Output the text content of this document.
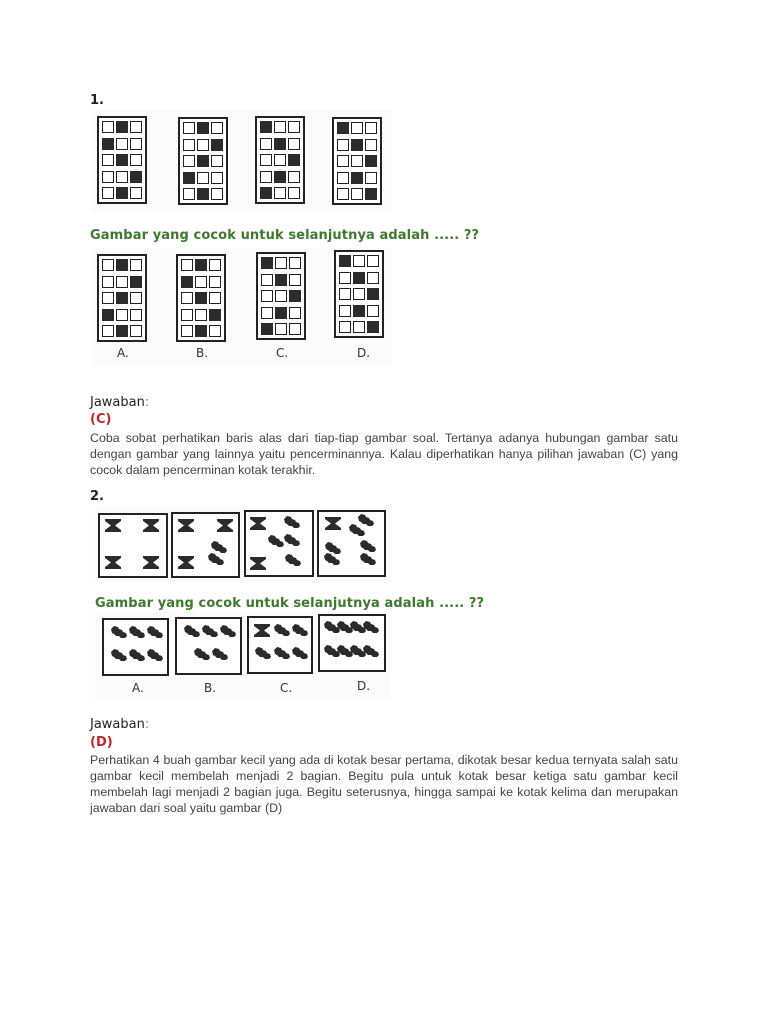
1.
Gambar yang cocok untuk selanjutnya adalah ..... ??
A.	B.	C.	D.
Jawaban:
(C)
Coba sobat perhatikan baris alas dari tiap-tiap gambar soal. Tertanya adanya hubungan gambar satu dengan gambar yang lainnya yaitu pencerminannya. Kalau diperhatikan hanya pilihan jawaban (C) yang cocok dalam pencerminan kotak terakhir.
2.
Gambar yang cocok untuk selanjutnya adalah ..... ??
A.	B.	C.	D.
Jawaban:
(D)
Perhatikan 4 buah gambar kecil yang ada di kotak besar pertama, dikotak besar kedua ternyata salah satu gambar kecil membelah menjadi 2 bagian. Begitu pula untuk kotak besar ketiga satu gambar kecil membelah lagi menjadi 2 bagian juga. Begitu seterusnya, hingga sampai ke kotak kelima dan merupakan jawaban dari soal yaitu gambar (D)
